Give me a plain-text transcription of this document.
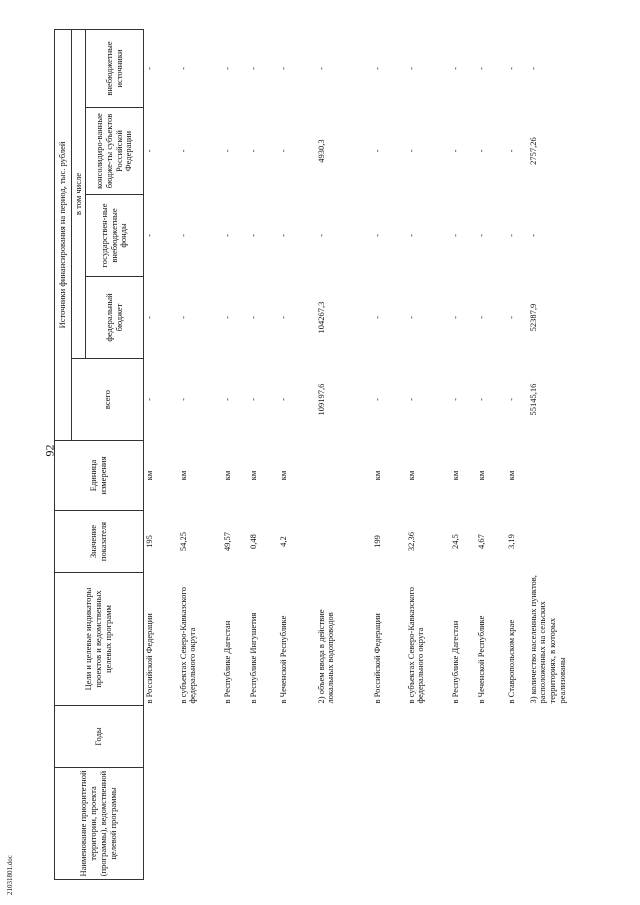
92
21031801.doc	Наименование приоритетной территории, проекта (программы), ведомственной целевой программы	Годы	Цели и целевые индикаторы проектов и ведомственных целевых программ	Значение показателя	Единица измерения	Источники финансирования на период, тыс. рублей				
					всего	в том числе			
						федеральный бюджет	государствен-ные внебюджетные фонды	консолидиро-ванные бюдже-ты субъектов Российской Федерации	внебюджетные источники
		в Российской Федерации	195	км	-	-	-	-	-
		в субъектах Северо-Кавказского федерального округа	54,25	км	-	-	-	-	-
		в Республике Дагестан	49,57	км	-	-	-	-	-
		в Республике Ингушетия	0,48	км	-	-	-	-	-
		в Чеченской Республике	4,2	км	-	-	-	-	-
		2) объем ввода в действие локальных водопроводов			109197,6	104267,3	-	4930,3	-
		в Российской Федерации	199	км	-	-	-	-	-
		в субъектах Северо-Кавказского федерального округа	32,36	км	-	-	-	-	-
		в Республике Дагестан	24,5	км	-	-	-	-	-
		в Чеченской Республике	4,67	км	-	-	-	-	-
		в Ставропольском крае	3,19	км	-	-	-	-	-
		3) количество населенных пунктов, расположенных на сельских территориях, в которых реализованы			55145,16	52387,9	-	2757,26	-
